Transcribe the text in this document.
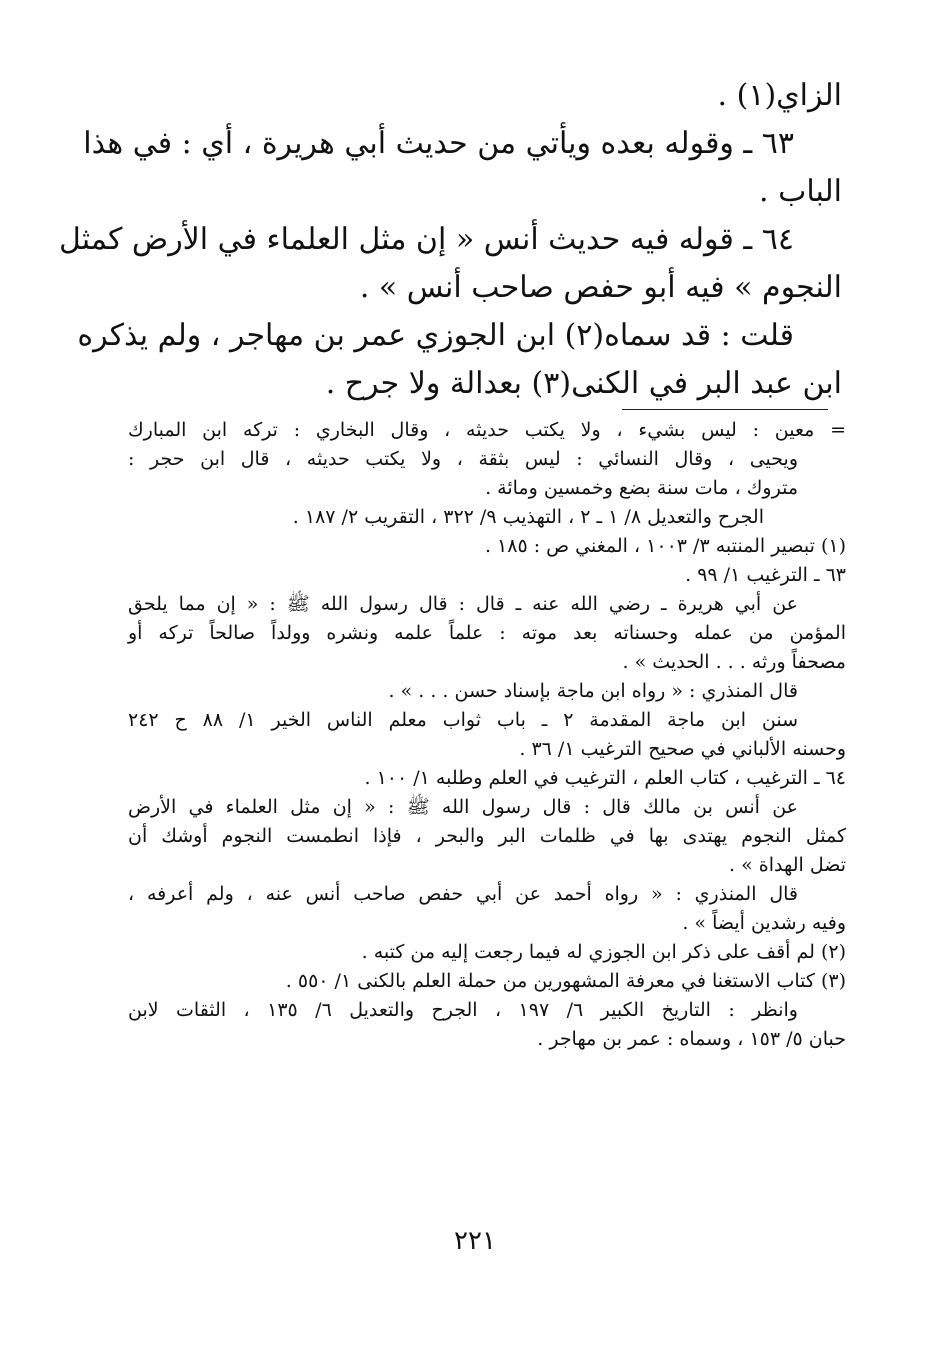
الزاي(١) .
٦٣ ـ وقوله بعده ويأتي من حديث أبي هريرة ، أي : في هذا
الباب .
٦٤ ـ قوله فيه حديث أنس « إن مثل العلماء في الأرض كمثل
النجوم » فيه أبو حفص صاحب أنس » .
قلت : قد سماه(٢) ابن الجوزي عمر بن مهاجر ، ولم يذكره
ابن عبد البر في الكنى(٣) بعدالة ولا جرح .
= معين : ليس بشيء ، ولا يكتب حديثه ، وقال البخاري : تركه ابن المبارك
ويحيى ، وقال النسائي : ليس بثقة ، ولا يكتب حديثه ، قال ابن حجر :
متروك ، مات سنة بضع وخمسين ومائة .
الجرح والتعديل ٨/ ١ ـ ٢ ، التهذيب ٩/ ٣٢٢ ، التقريب ٢/ ١٨٧ .
(١) تبصير المنتبه ٣/ ١٠٠٣ ، المغني ص : ١٨٥ .
٦٣ ـ الترغيب ١/ ٩٩ .
عن أبي هريرة ـ رضي الله عنه ـ قال : قال رسول الله ﷺ : « إن مما يلحق
المؤمن من عمله وحسناته بعد موته : علماً علمه ونشره وولداً صالحاً تركه أو
مصحفاً ورثه . . . الحديث » .
قال المنذري : « رواه ابن ماجة بإسناد حسن . . . » .
سنن ابن ماجة المقدمة ٢ ـ باب ثواب معلم الناس الخير ١/ ٨٨ ح ٢٤٢
وحسنه الألباني في صحيح الترغيب ١/ ٣٦ .
٦٤ ـ الترغيب ، كتاب العلم ، الترغيب في العلم وطلبه ١/ ١٠٠ .
عن أنس بن مالك قال : قال رسول الله ﷺ : « إن مثل العلماء في الأرض
كمثل النجوم يهتدى بها في ظلمات البر والبحر ، فإذا انطمست النجوم أوشك أن
تضل الهداة » .
قال المنذري : « رواه أحمد عن أبي حفص صاحب أنس عنه ، ولم أعرفه ،
وفيه رشدين أيضاً » .
(٢) لم أقف على ذكر ابن الجوزي له فيما رجعت إليه من كتبه .
(٣) كتاب الاستغنا في معرفة المشهورين من حملة العلم بالكنى ١/ ٥٥٠ .
وانظر : التاريخ الكبير ٦/ ١٩٧ ، الجرح والتعديل ٦/ ١٣٥ ، الثقات لابن
حبان ٥/ ١٥٣ ، وسماه : عمر بن مهاجر .
٢٢١
